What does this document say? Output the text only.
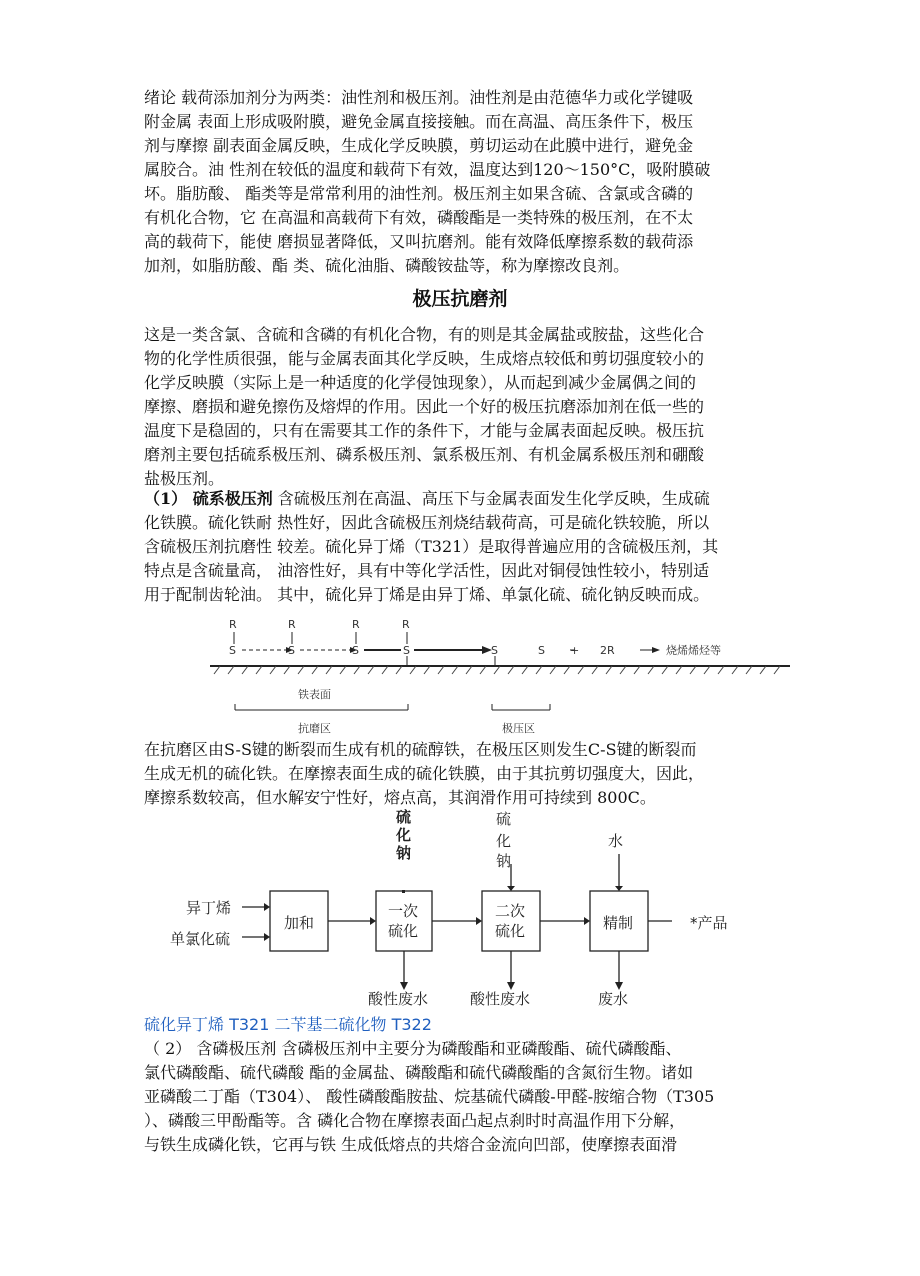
绪论 载荷添加剂分为两类：油性剂和极压剂。油性剂是由范德华力或化学键吸
附金属 表面上形成吸附膜，避免金属直接接触。而在高温、高压条件下，极压
剂与摩擦 副表面金属反映，生成化学反映膜，剪切运动在此膜中进行，避免金
属胶合。油 性剂在较低的温度和载荷下有效，温度达到120～150°C，吸附膜破
坏。脂肪酸、 酯类等是常常利用的油性剂。极压剂主如果含硫、含氯或含磷的
有机化合物，它 在高温和高载荷下有效，磷酸酯是一类特殊的极压剂，在不太
高的载荷下，能使 磨损显著降低，又叫抗磨剂。能有效降低摩擦系数的载荷添
加剂，如脂肪酸、酯 类、硫化油脂、磷酸铵盐等，称为摩擦改良剂。
极压抗磨剂
这是一类含氯、含硫和含磷的有机化合物，有的则是其金属盐或胺盐，这些化合
物的化学性质很强，能与金属表面其化学反映，生成熔点较低和剪切强度较小的
化学反映膜（实际上是一种适度的化学侵蚀现象），从而起到减少金属偶之间的
摩擦、磨损和避免擦伤及熔焊的作用。因此一个好的极压抗磨添加剂在低一些的
温度下是稳固的，只有在需要其工作的条件下，才能与金属表面起反映。极压抗
磨剂主要包括硫系极压剂、磷系极压剂、氯系极压剂、有机金属系极压剂和硼酸
盐极压剂。
（1） 硫系极压剂 含硫极压剂在高温、高压下与金属表面发生化学反映，生成硫
化铁膜。硫化铁耐 热性好，因此含硫极压剂烧结载荷高，可是硫化铁较脆，所以
含硫极压剂抗磨性 较差。硫化异丁烯（T321）是取得普遍应用的含硫极压剂，其
特点是含硫量高， 油溶性好，具有中等化学活性，因此对铜侵蚀性较小，特别适
用于配制齿轮油。 其中，硫化异丁烯是由异丁烯、单氯化硫、硫化钠反映而成。
R	R	R	R
S	S	S	S	S	S + 2R	烧烯烯烃等
铁表面
抗磨区	极压区
在抗磨区由S-S键的断裂而生成有机的硫醇铁，在极压区则发生C-S键的断裂而
生成无机的硫化铁。在摩擦表面生成的硫化铁膜，由于其抗剪切强度大，因此，
摩擦系数较高，但水解安宁性好，熔点高，其润滑作用可持续到 800C。
异丁烯
单氯化硫
加和
一次
硫化
二次
硫化	精制	*产品
硫
化
钠
硫
化
钠
水
酸性废水	酸性废水	废水
硫化异丁烯 T321 二苄基二硫化物 T322
（ 2） 含磷极压剂 含磷极压剂中主要分为磷酸酯和亚磷酸酯、硫代磷酸酯、
氯代磷酸酯、硫代磷酸 酯的金属盐、磷酸酯和硫代磷酸酯的含氮衍生物。诸如
亚磷酸二丁酯（T304）、 酸性磷酸酯胺盐、烷基硫代磷酸-甲醛-胺缩合物（T305
）、磷酸三甲酚酯等。含 磷化合物在摩擦表面凸起点刹时时高温作用下分解，
与铁生成磷化铁，它再与铁 生成低熔点的共熔合金流向凹部，使摩擦表面滑
